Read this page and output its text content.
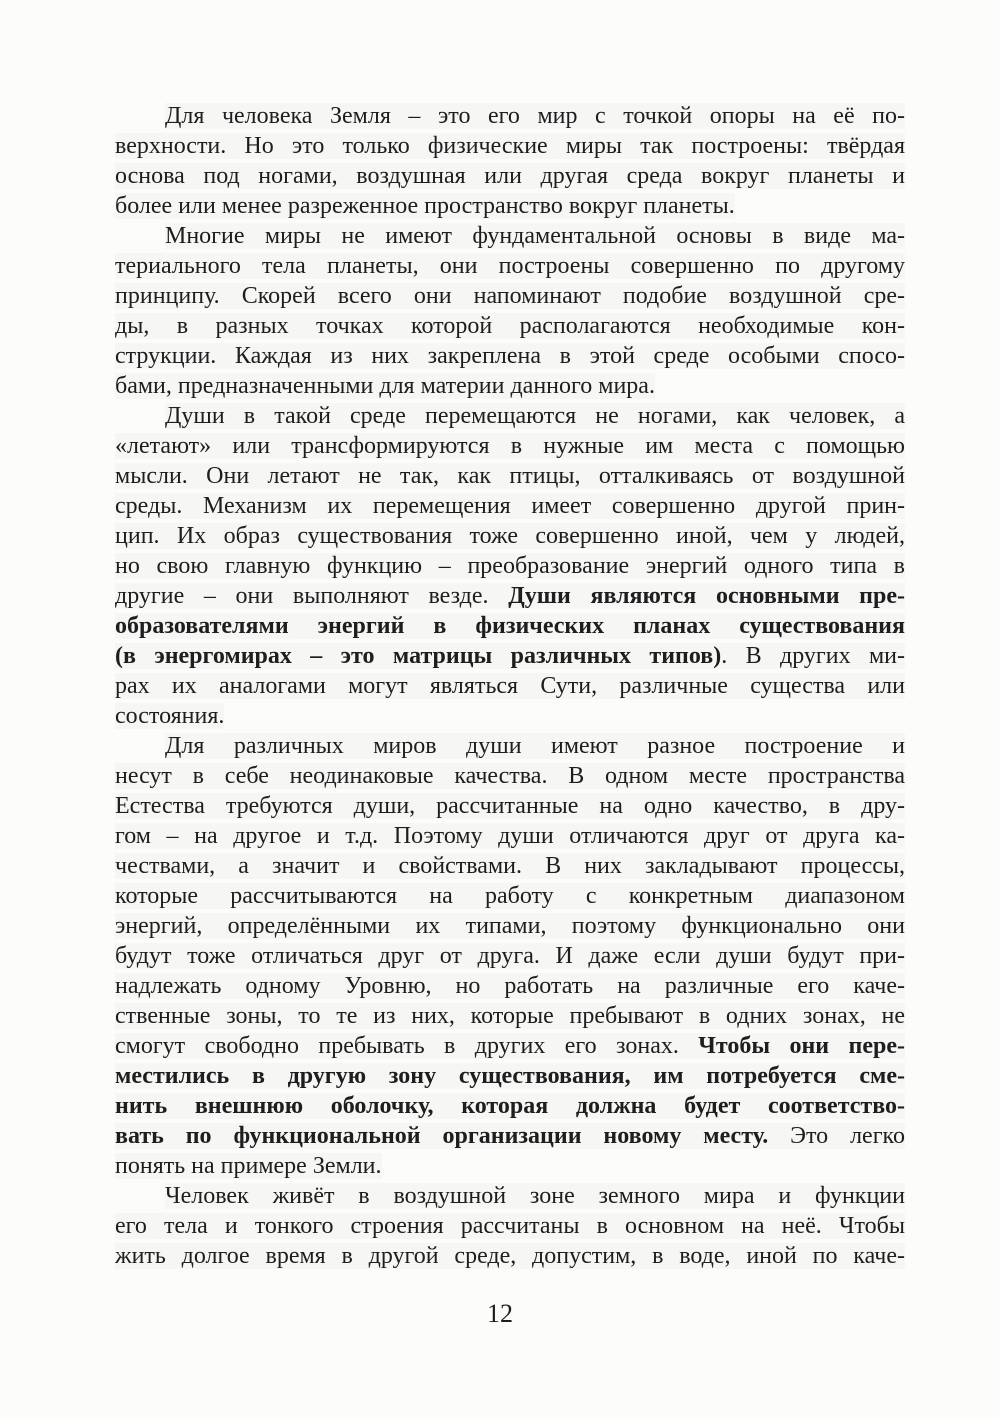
Для человека Земля – это его мир с точкой опоры на её по-
верхности. Но это только физические миры так построены: твёрдая
основа под ногами, воздушная или другая среда вокруг планеты и
более или менее разреженное пространство вокруг планеты.
Многие миры не имеют фундаментальной основы в виде ма-
териального тела планеты, они построены совершенно по другому
принципу. Скорей всего они напоминают подобие воздушной сре-
ды, в разных точках которой располагаются необходимые кон-
струкции. Каждая из них закреплена в этой среде особыми спосо-
бами, предназначенными для материи данного мира.
Души в такой среде перемещаются не ногами, как человек, а
«летают» или трансформируются в нужные им места с помощью
мысли. Они летают не так, как птицы, отталкиваясь от воздушной
среды. Механизм их перемещения имеет совершенно другой прин-
цип. Их образ существования тоже совершенно иной, чем у людей,
но свою главную функцию – преобразование энергий одного типа в
другие – они выполняют везде. Души являются основными пре-
образователями энергий в физических планах существования
(в энергомирах – это матрицы различных типов). В других ми-
рах их аналогами могут являться Сути, различные существа или
состояния.
Для различных миров души имеют разное построение и
несут в себе неодинаковые качества. В одном месте пространства
Естества требуются души, рассчитанные на одно качество, в дру-
гом – на другое и т.д. Поэтому души отличаются друг от друга ка-
чествами, а значит и свойствами. В них закладывают процессы,
которые рассчитываются на работу с конкретным диапазоном
энергий, определёнными их типами, поэтому функционально они
будут тоже отличаться друг от друга. И даже если души будут при-
надлежать одному Уровню, но работать на различные его каче-
ственные зоны, то те из них, которые пребывают в одних зонах, не
смогут свободно пребывать в других его зонах. Чтобы они пере-
местились в другую зону существования, им потребуется сме-
нить внешнюю оболочку, которая должна будет соответство-
вать по функциональной организации новому месту. Это легко
понять на примере Земли.
Человек живёт в воздушной зоне земного мира и функции
его тела и тонкого строения рассчитаны в основном на неё. Чтобы
жить долгое время в другой среде, допустим, в воде, иной по каче-
12
